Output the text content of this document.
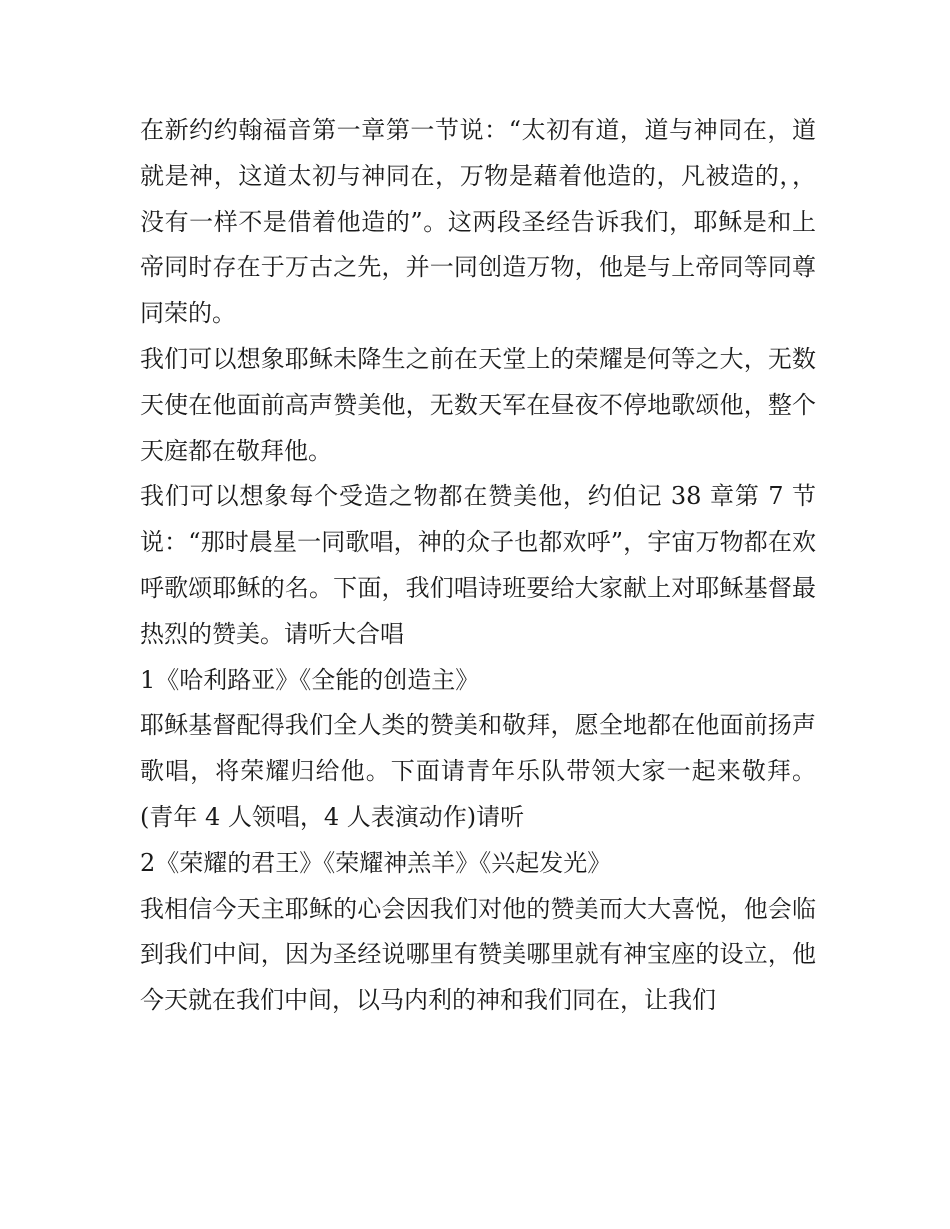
在新约约翰福音第一章第一节说：“太初有道，道与神同在，道就是神，这道太初与神同在，万物是藉着他造的，凡被造的，，没有一样不是借着他造的”。这两段圣经告诉我们，耶稣是和上帝同时存在于万古之先，并一同创造万物，他是与上帝同等同尊同荣的。

我们可以想象耶稣未降生之前在天堂上的荣耀是何等之大，无数天使在他面前高声赞美他，无数天军在昼夜不停地歌颂他，整个天庭都在敬拜他。

我们可以想象每个受造之物都在赞美他，约伯记 38 章第 7 节说：“那时晨星一同歌唱，神的众子也都欢呼”，宇宙万物都在欢呼歌颂耶稣的名。下面，我们唱诗班要给大家献上对耶稣基督最热烈的赞美。请听大合唱

1《哈利路亚》《全能的创造主》

耶稣基督配得我们全人类的赞美和敬拜，愿全地都在他面前扬声歌唱，将荣耀归给他。下面请青年乐队带领大家一起来敬拜。(青年 4 人领唱，4 人表演动作)请听

2《荣耀的君王》《荣耀神羔羊》《兴起发光》

我相信今天主耶稣的心会因我们对他的赞美而大大喜悦，他会临到我们中间，因为圣经说哪里有赞美哪里就有神宝座的设立，他今天就在我们中间，以马内利的神和我们同在，让我们
